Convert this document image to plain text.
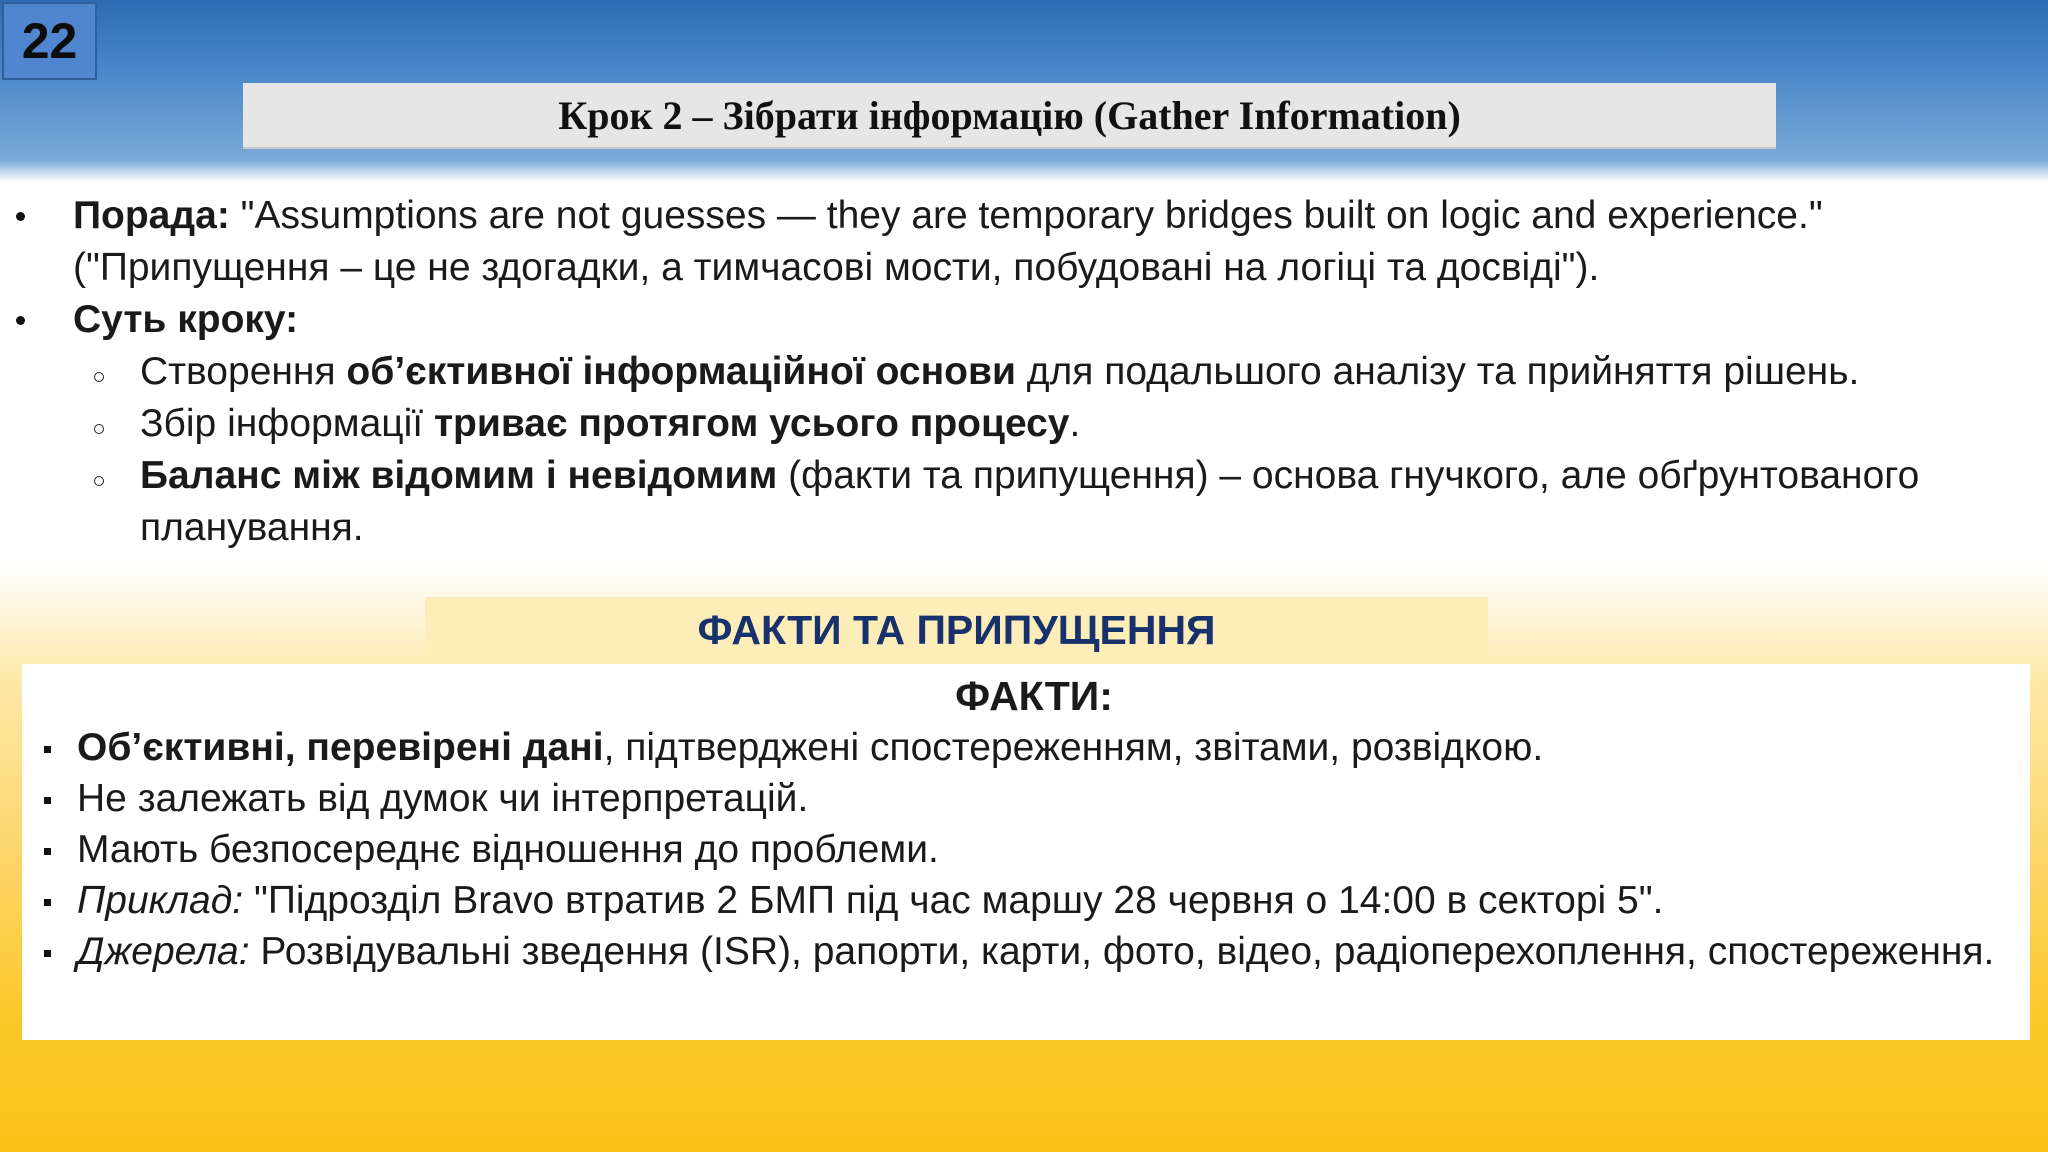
22
Крок 2 – Зібрати інформацію (Gather Information)
Порада: "Assumptions are not guesses — they are temporary bridges built on logic and experience."
("Припущення – це не здогадки, а тимчасові мости, побудовані на логіці та досвіді").
Суть кроку:
Створення об’єктивної інформаційної основи для подальшого аналізу та прийняття рішень.
Збір інформації триває протягом усього процесу.
Баланс між відомим і невідомим (факти та припущення) – основа гнучкого, але обґрунтованого планування.
ФАКТИ ТА ПРИПУЩЕННЯ
ФАКТИ:
Об’єктивні, перевірені дані, підтверджені спостереженням, звітами, розвідкою.
Не залежать від думок чи інтерпретацій.
Мають безпосереднє відношення до проблеми.
Приклад: "Підрозділ Bravo втратив 2 БМП під час маршу 28 червня о 14:00 в секторі 5".
Джерела: Розвідувальні зведення (ISR), рапорти, карти, фото, відео, радіоперехоплення, спостереження.
